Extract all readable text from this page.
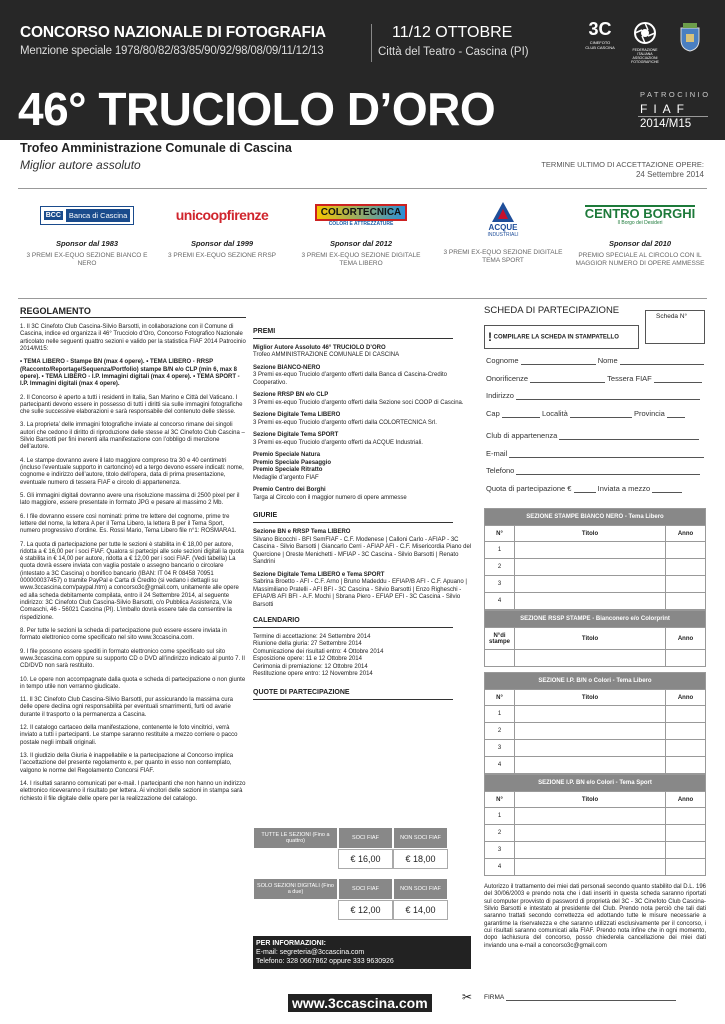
CONCORSO NAZIONALE DI FOTOGRAFIA
Menzione speciale 1978/80/82/83/85/90/92/98/08/09/11/12/13
11/12 OTTOBRE
Città del Teatro - Cascina (PI)
3C
CINEFOTO CLUB CASCINA	FEDERAZIONE ITALIANA ASSOCIAZIONI FOTOGRAFICHE
46° TRUCIOLO D’ORO	PATROCINIO
FIAF
2014/M15
Trofeo Amministrazione Comunale di Cascina
Miglior autore assoluto	TERMINE ULTIMO DI ACCETTAZIONE OPERE:
24 Settembre 2014
BCC	Banca di Cascina
Sponsor dal 1983
3 PREMI EX-EQUO SEZIONE BIANCO E NERO
unicoopfirenze
Sponsor dal 1999
3 PREMI EX-EQUO SEZIONE RRSP
COLORTECNICA
COLORI E ATTREZZATURE
Sponsor dal 2012
3 PREMI EX-EQUO SEZIONE DIGITALE TEMA LIBERO
ACQUE
INDUSTRIALI
3 PREMI EX-EQUO SEZIONE DIGITALE TEMA SPORT
CENTRO BORGHI
Il Borgo dei Desideri
Sponsor dal 2010
PREMIO SPECIALE AL CIRCOLO CON IL MAGGIOR NUMERO DI OPERE AMMESSE
REGOLAMENTO

1. Il 3C Cinefoto Club Cascina-Silvio Barsotti, in collaborazione con il Comune di Cascina, indice ed organizza il 46° Trucciolo d’Oro, Concorso Fotografico Nazionale articolato nelle seguenti quattro sezioni e valido per la statistica FIAF 2014 Patrocinio 2014/M15:

• TEMA LIBERO - Stampe BN (max 4 opere). • TEMA LIBERO - RRSP (Racconto/Reportage/Sequenza/Portfolio) stampe B/N e/o CLP (min 6, max 8 opere). • TEMA LIBERO - I.P. Immagini digitali (max 4 opere). • TEMA SPORT - I.P. Immagini digitali (max 4 opere).

2. Il Concorso è aperto a tutti i residenti in Italia, San Marino e Città del Vaticano. I partecipanti devono essere in possesso di tutti i diritti sia sulle immagini fotografiche che sulle successive elaborazioni e sarà responsabile del contenuto delle stesse.

3. La proprieta’ delle immagini fotografiche inviate al concorso rimane dei singoli autori che cedono il diritto di riproduzione delle stesse al 3C Cinefoto Club Cascina – Silvio Barsotti per fini inerenti alla manifestazione con l’obbligo di menzione dell’autore.

4. Le stampe dovranno avere il lato maggiore compreso tra 30 e 40 centimetri (incluso l’eventuale supporto in cartoncino) ed a tergo devono essere indicati: nome, cognome e indirizzo dell’autore, titolo dell’opera, data di prima presentazione, eventuale numero di tessera FIAF e circolo di appartenenza.

5. Gli immagini digitali dovranno avere una risoluzione massima di 2500 pixel per il lato maggiore, essere presentate in formato JPG e pesare al massimo 2 Mb.

6. I file dovranno essere così nominati: prime tre lettere del cognome, prime tre lettere del nome, la lettera A per il Tema Libero, la lettera B per il Tema Sport, numero progressivo d’ordine. Es. Rossi Mario, Tema Libero file n°1: ROSMARA1.

7. La quota di partecipazione per tutte le sezioni è stabilita in € 18,00 per autore, ridotta a € 16,00 per i soci FIAF. Qualora si partecipi alle sole sezioni digitali la quota è stabilita in € 14,00 per autore, ridotta a € 12,00 per i soci FIAF. (Vedi tabella) La quota dovrà essere inviata con vaglia postale o assegno bancario o circolare (intestato a 3C Cascina) o bonifico bancario (IBAN: IT 04 R 08458 70951 000000037457) o tramite PayPal e Carta di Credito (si vedano i dettagli su www.3ccascina.com/paypal.htm) a concorso3c@gmail.com, unitamente alle opere ed alla scheda debitamente compilata, entro il 24 Settembre 2014, al seguente indirizzo: 3C Cinefoto Club Cascina-Silvio Barsotti, c/o Pubblica Assistenza, V.le Comaschi, 46 - 56021 Cascina (PI). L’imballo dovrà essere tale da consentire la rispedizione.

8. Per tutte le sezioni la scheda di partecipazione può essere essere inviata in formato elettronico come specificato nel sito www.3ccascina.com.

9. I file possono essere spediti in formato elettronico come specificato sul sito www.3ccascina.com oppure su supporto CD o DVD all’indirizzo indicato al punto 7. Il CD/DVD non sarà restituito.

10. Le opere non accompagnate dalla quota e scheda di partecipazione o non giunte in tempo utile non verranno giudicate.

11. Il 3C Cinefoto Club Cascina-Silvio Barsotti, pur assicurando la massima cura delle opere declina ogni responsabilità per eventuali smarrimenti, furti od avarie durante il trasporto o la permanenza a Cascina.

12. Il catalogo cartaceo della manifestazione, contenente le foto vincitrici, verrà inviato a tutti i partecipanti. Le stampe saranno restituite a mezzo corriere o pacco postale negli imballi originali.

13. Il giudizio della Giuria è inappellabile e la partecipazione al Concorso implica l’accettazione del presente regolamento e, per quanto in esso non contemplato, valgono le norme del Regolamento Concorsi FIAF.

14. I risultati saranno comunicati per e-mail. I partecipanti che non hanno un indirizzo elettronico riceveranno il risultato per lettera. Ai vincitori delle sezioni in stampa sarà richiesto il file digitale delle opere per la realizzazione del catalogo.

PREMI

Miglior Autore Assoluto 46° TRUCIOLO D’ORO
Trofeo AMMINISTRAZIONE COMUNALE DI CASCINA

Sezione BIANCO-NERO
3 Premi ex-equo Truciolo d’argento offerti dalla Banca di Cascina-Credito Cooperativo.

Sezione RRSP BN e/o CLP
3 Premi ex-equo Truciolo d’argento offerti dalla Sezione soci COOP di Cascina.

Sezione Digitale Tema LIBERO
3 Premi ex-equo Truciolo d’argento offerti dalla COLORTECNICA Srl.

Sezione Digitale Tema SPORT
3 Premi ex-equo Truciolo d’argento offerti da ACQUE Industriali.

Premio Speciale Natura
Premio Speciale Paesaggio
Premio Speciale Ritratto
Medaglie d’argento FIAF

Premio Centro dei Borghi
Targa al Circolo con il maggior numero di opere ammesse

GIURIE

Sezione BN e RRSP Tema LIBERO
Silvano Bicocchi - BFI SemFIAF - C.F. Modenese | Calloni Carlo - AFIAP - 3C Cascina - Silvio Barsotti | Giancarlo Cerri - AFIAP AFI - C.F. Misericordia Piano del Quercione | Oreste Menichetti - MFIAP - 3C Cascina - Silvio Barsotti | Renato Sandrini

Sezione Digitale Tema LIBERO e Tema SPORT
Sabrina Broetto - AFI - C.F. Arno | Bruno Madeddu - EFIAP/B AFI - C.F. Apuano | Massimiliano Pratelli - AFI BFI - 3C Cascina - Silvio Barsotti | Enzo Righeschi - EFIAP/B AFI BFI - A.F. Mochi | Sbrana Piero - EFIAP EFI - 3C Cascina - Silvio Barsotti

CALENDARIO
Termine di accettazione: 24 Settembre 2014
Riunione della giuria: 27 Settembre 2014
Comunicazione dei risultati entro: 4 Ottobre 2014
Esposizione opere: 11 e 12 Ottobre 2014
Cerimonia di premiazione: 12 Ottobre 2014
Restituzione opere entro: 12 Novembre 2014
QUOTE DI PARTECIPAZIONE
TUTTE LE SEZIONI (Fino a quattro)	SOCI FIAF	NON SOCI FIAF
€ 16,00	€ 18,00
SOLO SEZIONI DIGITALI (Fino a due)	SOCI FIAF	NON SOCI FIAF
€ 12,00	€ 14,00
PER INFORMAZIONI:
E-mail: segreteria@3ccascina.com
Telefono: 328 0667862 oppure 333 9630926
www.3ccascina.com
SCHEDA DI PARTECIPAZIONE
Scheda N°
! COMPILARE LA SCHEDA IN STAMPATELLO
Cognome	Nome
Onorificenze	Tessera FIAF
Indirizzo
Cap	Località	Provincia
Club di appartenenza
E-mail
Telefono
Quota di partecipazione €	Inviata a mezzo
SEZIONE STAMPE BIANCO NERO - Tema Libero		
N°	Titolo	Anno
1		
2		
3		
4		
SEZIONE RSSP STAMPE - Bianconero e/o Colorprint		
N°di stampe	Titolo	Anno

SEZIONE I.P. B/N o Colori - Tema Libero		
N°	Titolo	Anno
1		
2		
3		
4		
SEZIONE I.P. BN e/o Colori - Tema Sport		
N°	Titolo	Anno
1		
2		
3		
4		
Autorizzo il trattamento dei miei dati personali secondo quanto stabilito dal D.L. 196 del 30/06/2003 e prendo nota che i dati inseriti in questa scheda saranno riportati sul computer provvisto di password di proprietà del 3C - 3C Cinefoto Club Cascina-Silvio Barsotti e intestato al presidente del Club. Prendo nota perciò che tali dati saranno trattati secondo correttezza ed adottando tutte le misure necessarie a garantirne la riservatezza e che saranno utilizzati esclusivamente per il concorso, i cui risultati saranno comunicati alla FIAF. Prendo nota infine che in ogni momento, dopo lachiusura del concorso, posso chiederela cancellazione dei miei dati inviando una e-mail a concorso3c@gmail.com
✂ FIRMA
